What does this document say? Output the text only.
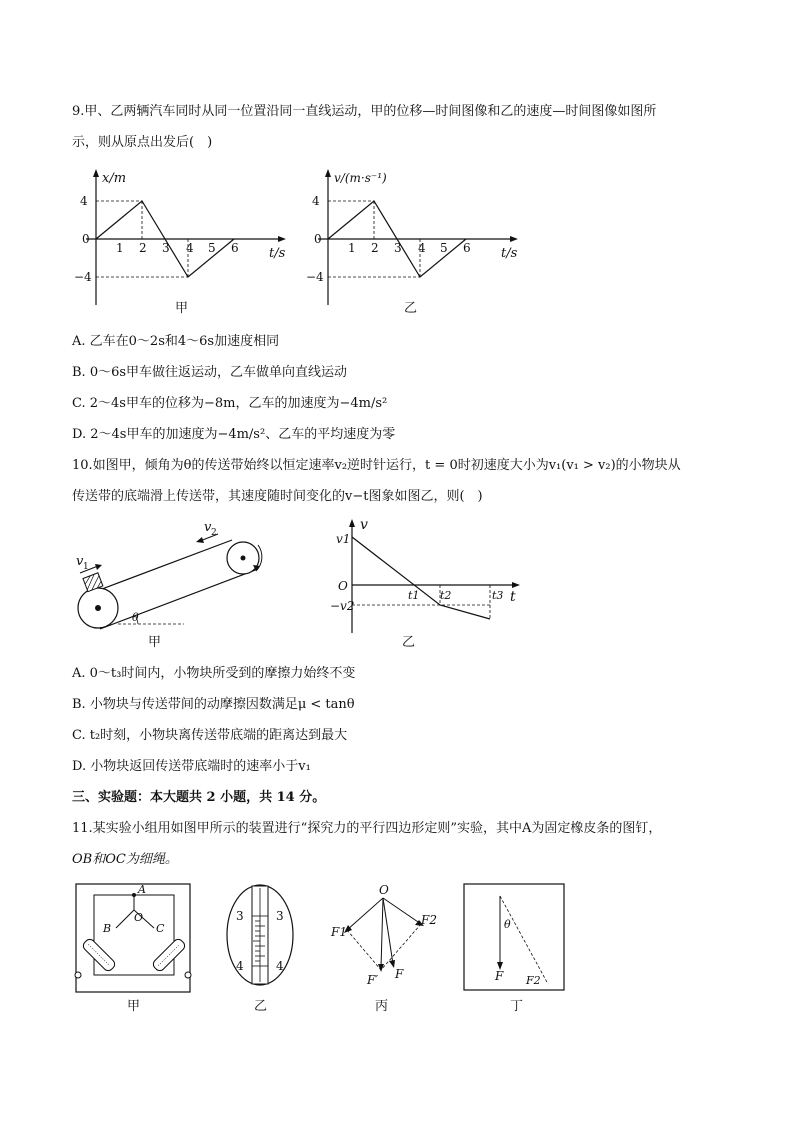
9.甲、乙两辆汽车同时从同一位置沿同一直线运动，甲的位移—时间图像和乙的速度—时间图像如图所
示，则从原点出发后(　)
x/m
t/s
4
0
−4
1 2 3 4 5 6
甲
v/(m·s⁻¹)
t/s
4
0
−4
1 2 3 4 5 6
乙
A. 乙车在0～2s和4～6s加速度相同
B. 0～6s甲车做往返运动，乙车做单向直线运动
C. 2～4s甲车的位移为−8m，乙车的加速度为−4m/s²
D. 2～4s甲车的加速度为−4m/s²、乙车的平均速度为零
10.如图甲，倾角为θ的传送带始终以恒定速率v₂逆时针运行，t = 0时初速度大小为v₁(v₁ > v₂)的小物块从
传送带的底端滑上传送带，其速度随时间变化的v−t图象如图乙，则(　)
v 1
v 2
θ
甲
v
t
O
v1
−v2
t1 t2	t3
乙
A. 0～t₃时间内，小物块所受到的摩擦力始终不变
B. 小物块与传送带间的动摩擦因数满足μ < tanθ
C. t₂时刻，小物块离传送带底端的距离达到最大
D. 小物块返回传送带底端时的速率小于v₁
三、实验题：本大题共 2 小题，共 14 分。
11.某实验小组用如图甲所示的装置进行“探究力的平行四边形定则”实验，其中A为固定橡皮条的图钉，
OB和OC为细绳。
A
O
B	C
甲
3	3
4	4
乙
O
F1
F2
F′ F
丙
θ
F F2
丁
